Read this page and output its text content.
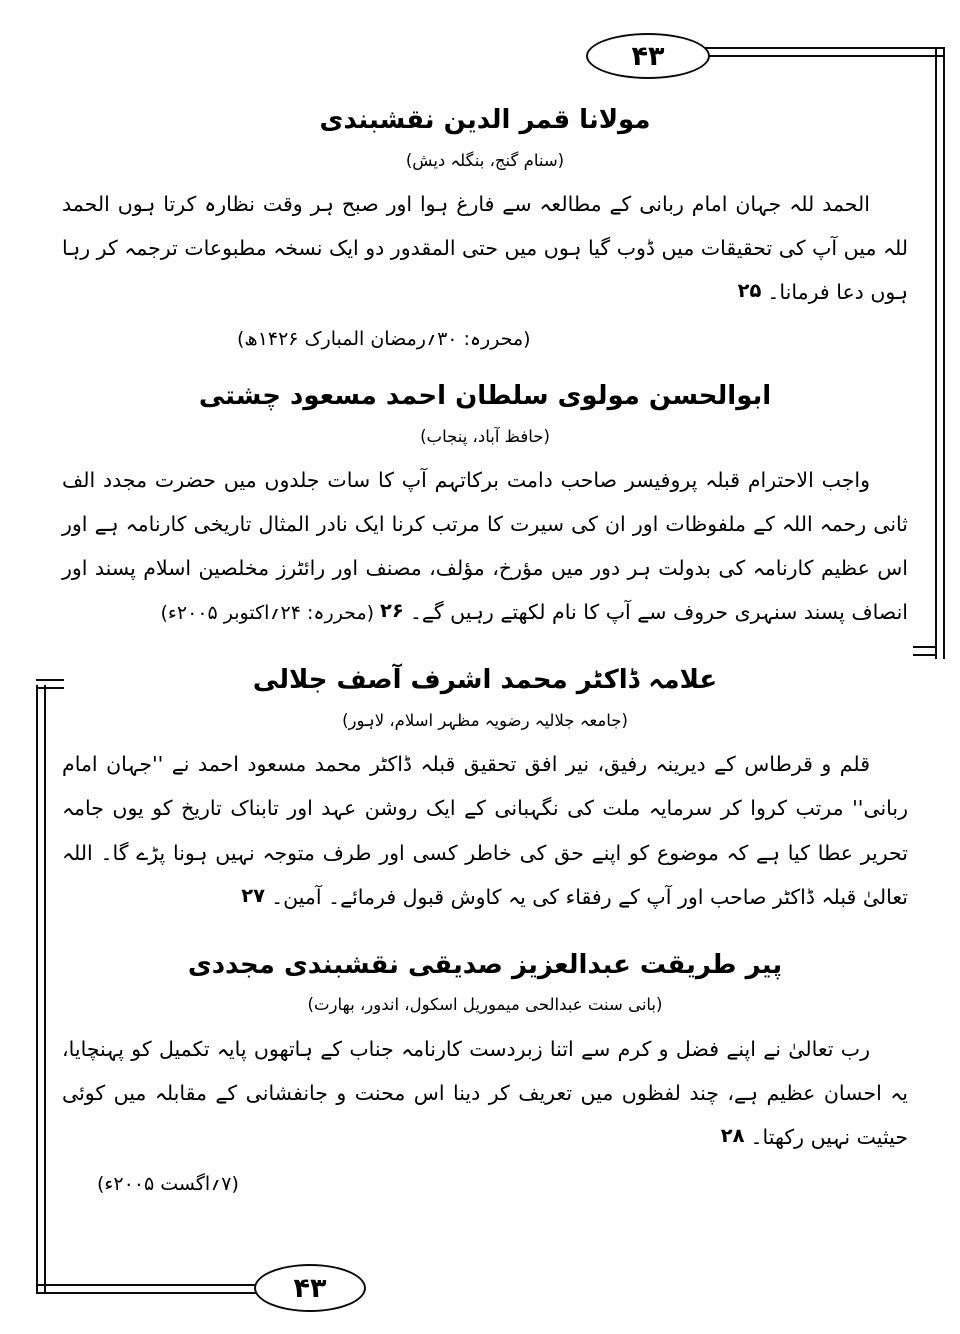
۴۳
۴۳
مولانا قمر الدین نقشبندی
(سنام گنج، بنگلہ دیش)

الحمد للہ جہان امام ربانی کے مطالعہ سے فارغ ہوا اور صبح ہر وقت نظارہ کرتا ہوں الحمد للہ میں آپ کی تحقیقات میں ڈوب گیا ہوں میں حتی المقدور دو ایک نسخہ مطبوعات ترجمہ کر رہا ہوں دعا فرمانا۔۲۵

(محررہ: ۳۰؍رمضان المبارک ۱۴۲۶ھ)
ابوالحسن مولوی سلطان احمد مسعود چشتی
(حافظ آباد، پنجاب)

واجب الاحترام قبلہ پروفیسر صاحب دامت برکاتہم آپ کا سات جلدوں میں حضرت مجدد الف ثانی رحمہ اللہ کے ملفوظات اور ان کی سیرت کا مرتب کرنا ایک نادر المثال تاریخی کارنامہ ہے اور اس عظیم کارنامہ کی بدولت ہر دور میں مؤرخ، مؤلف، مصنف اور رائٹرز مخلصین اسلام پسند اور انصاف پسند سنہری حروف سے آپ کا نام لکھتے رہیں گے۔۲۶(محررہ: ۲۴؍اکتوبر ۲۰۰۵ء)

علامہ ڈاکٹر محمد اشرف آصف جلالی
(جامعہ جلالیہ رضویہ مظہر اسلام، لاہور)

قلم و قرطاس کے دیرینہ رفیق، نیر افق تحقیق قبلہ ڈاکٹر محمد مسعود احمد نے ''جہان امام ربانی'' مرتب کروا کر سرمایہ ملت کی نگہبانی کے ایک روشن عہد اور تابناک تاریخ کو یوں جامہ تحریر عطا کیا ہے کہ موضوع کو اپنے حق کی خاطر کسی اور طرف متوجہ نہیں ہونا پڑے گا۔ اللہ تعالیٰ قبلہ ڈاکٹر صاحب اور آپ کے رفقاء کی یہ کاوش قبول فرمائے۔ آمین۔۲۷

پیر طریقت عبدالعزیز صدیقی نقشبندی مجددی
(بانی سنت عبدالحی میموریل اسکول، اندور، بھارت)

رب تعالیٰ نے اپنے فضل و کرم سے اتنا زبردست کارنامہ جناب کے ہاتھوں پایہ تکمیل کو پہنچایا، یہ احسان عظیم ہے، چند لفظوں میں تعریف کر دینا اس محنت و جانفشانی کے مقابلہ میں کوئی حیثیت نہیں رکھتا۔۲۸

(۷؍اگست ۲۰۰۵ء)
